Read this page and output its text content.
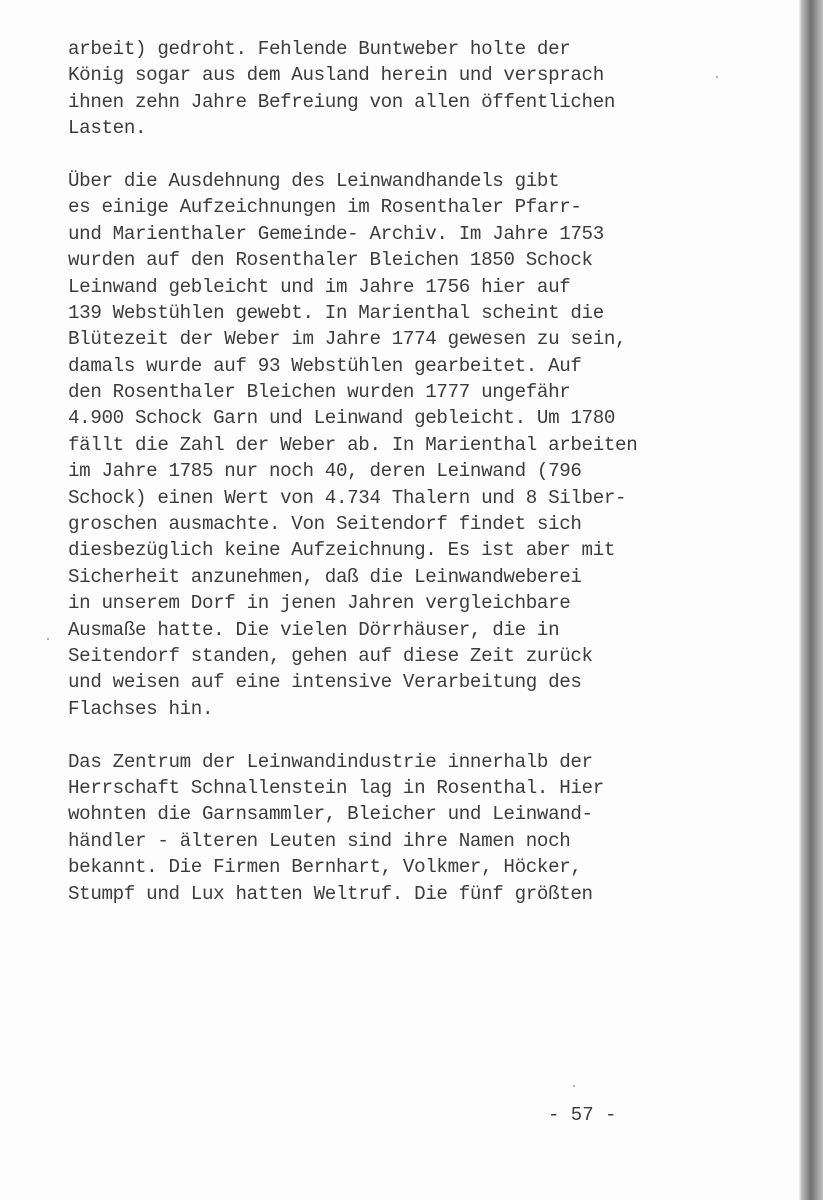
arbeit) gedroht. Fehlende Buntweber holte der
König sogar aus dem Ausland herein und versprach
ihnen zehn Jahre Befreiung von allen öffentlichen
Lasten.
Über die Ausdehnung des Leinwandhandels gibt
es einige Aufzeichnungen im Rosenthaler Pfarr-
und Marienthaler Gemeinde- Archiv. Im Jahre 1753
wurden auf den Rosenthaler Bleichen 1850 Schock
Leinwand gebleicht und im Jahre 1756 hier auf
139 Webstühlen gewebt. In Marienthal scheint die
Blütezeit der Weber im Jahre 1774 gewesen zu sein,
damals wurde auf 93 Webstühlen gearbeitet. Auf
den Rosenthaler Bleichen wurden 1777 ungefähr
4.900 Schock Garn und Leinwand gebleicht. Um 1780
fällt die Zahl der Weber ab. In Marienthal arbeiten
im Jahre 1785 nur noch 40, deren Leinwand (796
Schock) einen Wert von 4.734 Thalern und 8 Silber-
groschen ausmachte. Von Seitendorf findet sich
diesbezüglich keine Aufzeichnung. Es ist aber mit
Sicherheit anzunehmen, daß die Leinwandweberei
in unserem Dorf in jenen Jahren vergleichbare
Ausmaße hatte. Die vielen Dörrhäuser, die in
Seitendorf standen, gehen auf diese Zeit zurück
und weisen auf eine intensive Verarbeitung des
Flachses hin.
Das Zentrum der Leinwandindustrie innerhalb der
Herrschaft Schnallenstein lag in Rosenthal. Hier
wohnten die Garnsammler, Bleicher und Leinwand-
händler - älteren Leuten sind ihre Namen noch
bekannt. Die Firmen Bernhart, Volkmer, Höcker,
Stumpf und Lux hatten Weltruf. Die fünf größten
- 57 -
